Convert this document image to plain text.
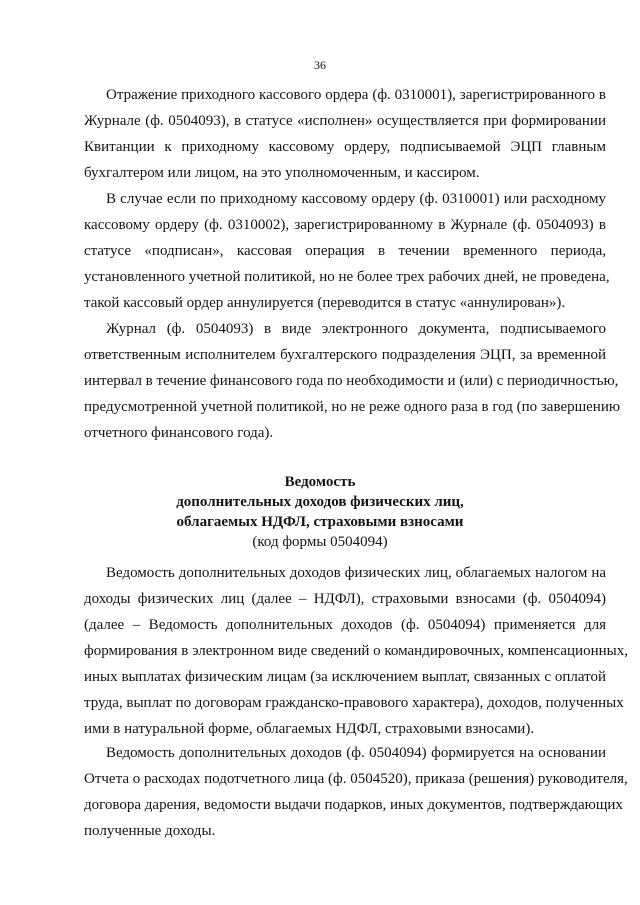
36
Отражение приходного кассового ордера (ф. 0310001), зарегистрированного в
Журнале (ф. 0504093), в статусе «исполнен» осуществляется при формировании
Квитанции к приходному кассовому ордеру, подписываемой ЭЦП главным
бухгалтером или лицом, на это уполномоченным, и кассиром.
В случае если по приходному кассовому ордеру (ф. 0310001) или расходному
кассовому ордеру (ф. 0310002), зарегистрированному в Журнале (ф. 0504093) в
статусе «подписан», кассовая операция в течении временного периода,
установленного учетной политикой, но не более трех рабочих дней, не проведена,
такой кассовый ордер аннулируется (переводится в статус «аннулирован»).
Журнал (ф. 0504093) в виде электронного документа, подписываемого
ответственным исполнителем бухгалтерского подразделения ЭЦП, за временной
интервал в течение финансового года по необходимости и (или) с периодичностью,
предусмотренной учетной политикой, но не реже одного раза в год (по завершению
отчетного финансового года).
Ведомость
дополнительных доходов физических лиц,
облагаемых НДФЛ, страховыми взносами
(код формы 0504094)
Ведомость дополнительных доходов физических лиц, облагаемых налогом на
доходы физических лиц (далее – НДФЛ), страховыми взносами (ф. 0504094)
(далее – Ведомость дополнительных доходов (ф. 0504094) применяется для
формирования в электронном виде сведений о командировочных, компенсационных,
иных выплатах физическим лицам (за исключением выплат, связанных с оплатой
труда, выплат по договорам гражданско-правового характера), доходов, полученных
ими в натуральной форме, облагаемых НДФЛ, страховыми взносами).
Ведомость дополнительных доходов (ф. 0504094) формируется на основании
Отчета о расходах подотчетного лица (ф. 0504520), приказа (решения) руководителя,
договора дарения, ведомости выдачи подарков, иных документов, подтверждающих
полученные доходы.
